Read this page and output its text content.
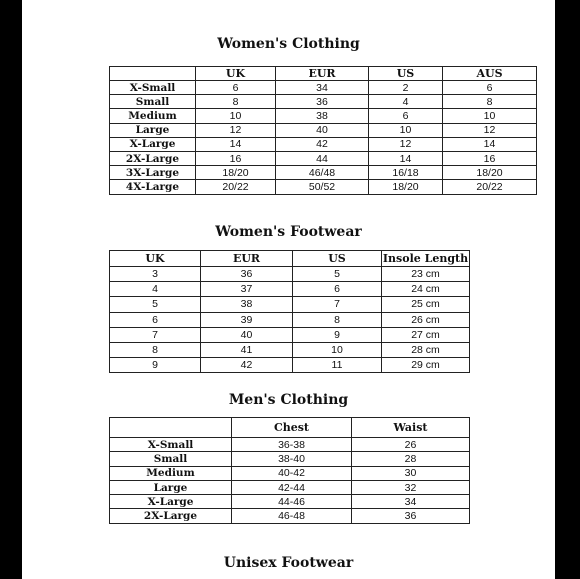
Women's Clothing
	UK	EUR	US	AUS
X-Small	6	34	2	6
Small	8	36	4	8
Medium	10	38	6	10
Large	12	40	10	12
X-Large	14	42	12	14
2X-Large	16	44	14	16
3X-Large	18/20	46/48	16/18	18/20
4X-Large	20/22	50/52	18/20	20/22
Women's Footwear
UK	EUR	US	Insole Length
3	36	5	23 cm
4	37	6	24 cm
5	38	7	25 cm
6	39	8	26 cm
7	40	9	27 cm
8	41	10	28 cm
9	42	11	29 cm
Men's Clothing
	Chest	Waist
X-Small	36-38	26
Small	38-40	28
Medium	40-42	30
Large	42-44	32
X-Large	44-46	34
2X-Large	46-48	36
Unisex Footwear
